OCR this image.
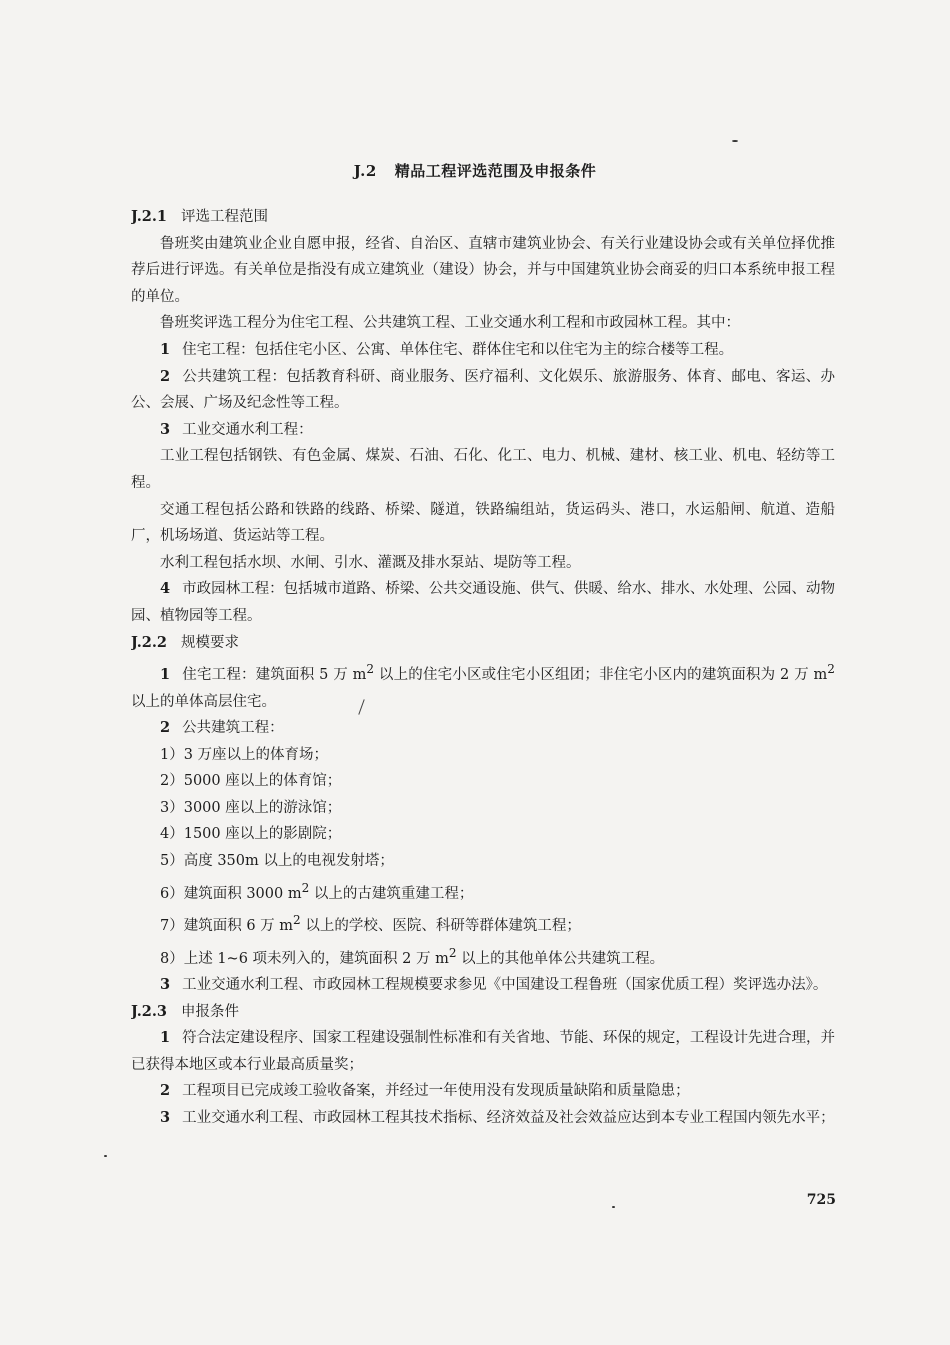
J.2 精品工程评选范围及申报条件
J.2.1 评选工程范围
鲁班奖由建筑业企业自愿申报，经省、自治区、直辖市建筑业协会、有关行业建设协会或有关单位择优推荐后进行评选。有关单位是指没有成立建筑业（建设）协会，并与中国建筑业协会商妥的归口本系统申报工程的单位。
鲁班奖评选工程分为住宅工程、公共建筑工程、工业交通水利工程和市政园林工程。其中：
1 住宅工程：包括住宅小区、公寓、单体住宅、群体住宅和以住宅为主的综合楼等工程。
2 公共建筑工程：包括教育科研、商业服务、医疗福利、文化娱乐、旅游服务、体育、邮电、客运、办公、会展、广场及纪念性等工程。
3 工业交通水利工程：
工业工程包括钢铁、有色金属、煤炭、石油、石化、化工、电力、机械、建材、核工业、机电、轻纺等工程。
交通工程包括公路和铁路的线路、桥梁、隧道，铁路编组站，货运码头、港口，水运船闸、航道、造船厂，机场场道、货运站等工程。
水利工程包括水坝、水闸、引水、灌溉及排水泵站、堤防等工程。
4 市政园林工程：包括城市道路、桥梁、公共交通设施、供气、供暖、给水、排水、水处理、公园、动物园、植物园等工程。
J.2.2 规模要求
1 住宅工程：建筑面积 5 万 $m^2$ 以上的住宅小区或住宅小区组团；非住宅小区内的建筑面积为 2 万 $m^2$ 以上的单体高层住宅。
2 公共建筑工程：
1）3 万座以上的体育场；
2）5000 座以上的体育馆；
3）3000 座以上的游泳馆；
4）1500 座以上的影剧院；
5）高度 350m 以上的电视发射塔；
6）建筑面积 3000 $m^2$ 以上的古建筑重建工程；
7）建筑面积 6 万 $m^2$ 以上的学校、医院、科研等群体建筑工程；
8）上述 1~6 项未列入的，建筑面积 2 万 $m^2$ 以上的其他单体公共建筑工程。
3 工业交通水利工程、市政园林工程规模要求参见《中国建设工程鲁班（国家优质工程）奖评选办法》。
J.2.3 申报条件
1 符合法定建设程序、国家工程建设强制性标准和有关省地、节能、环保的规定，工程设计先进合理，并已获得本地区或本行业最高质量奖；
2 工程项目已完成竣工验收备案，并经过一年使用没有发现质量缺陷和质量隐患；
3 工业交通水利工程、市政园林工程其技术指标、经济效益及社会效益应达到本专业工程国内领先水平；
725
